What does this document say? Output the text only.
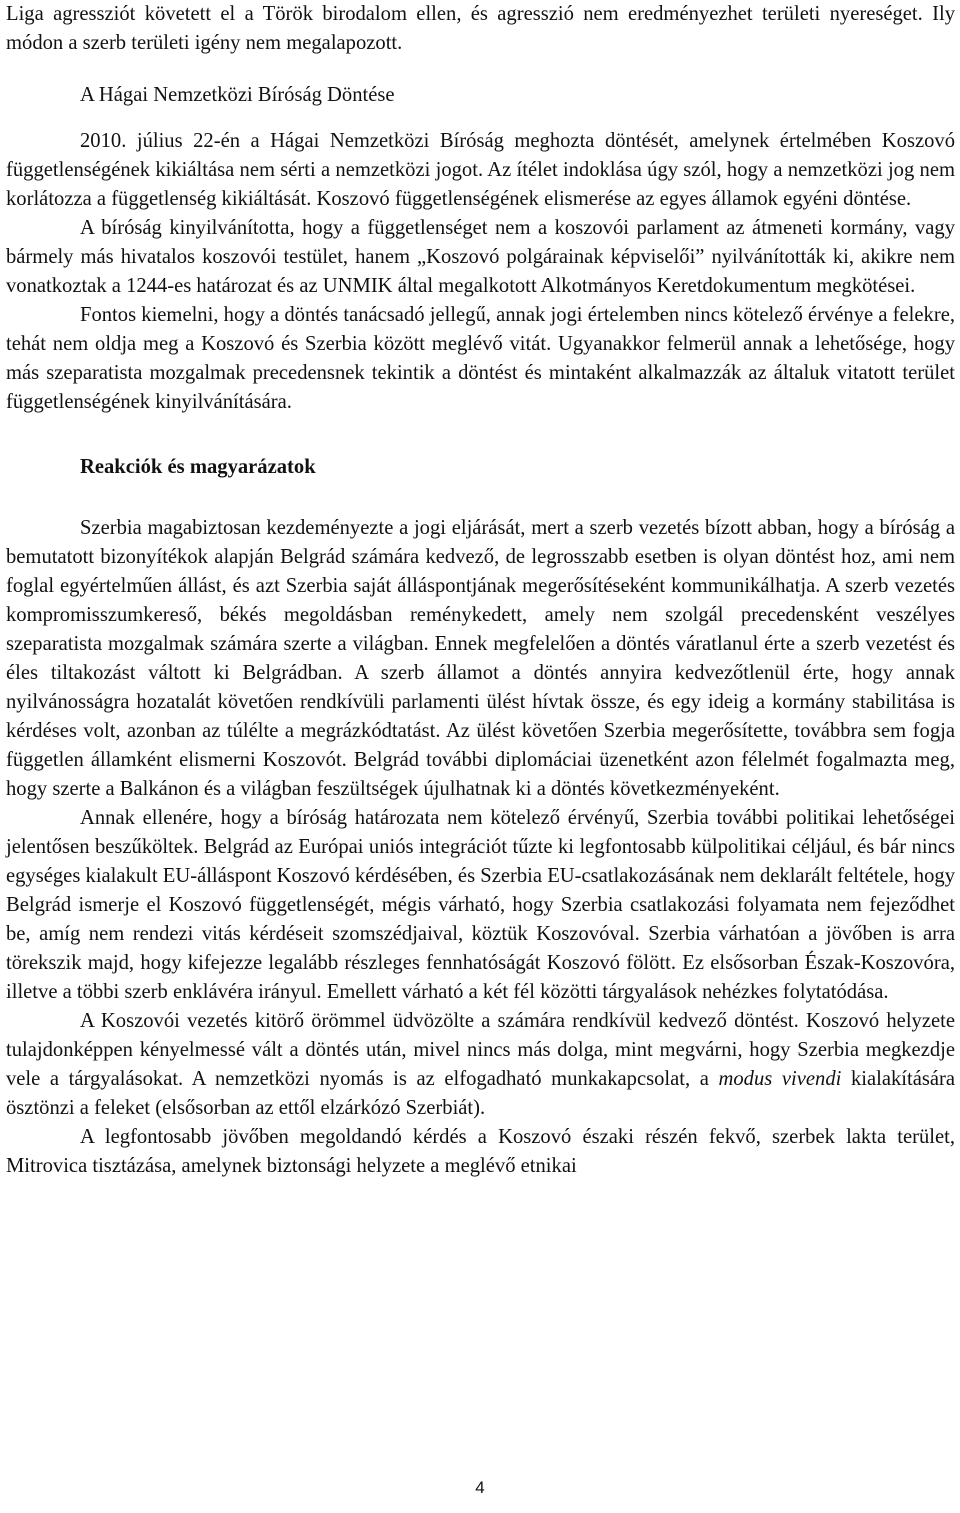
Liga agressziót követett el a Török birodalom ellen, és agresszió nem eredményezhet területi nyereséget. Ily módon a szerb területi igény nem megalapozott.

A Hágai Nemzetközi Bíróság Döntése

2010. július 22-én a Hágai Nemzetközi Bíróság meghozta döntését, amelynek értelmében Koszovó függetlenségének kikiáltása nem sérti a nemzetközi jogot. Az ítélet indoklása úgy szól, hogy a nemzetközi jog nem korlátozza a függetlenség kikiáltását. Koszovó függetlenségének elismerése az egyes államok egyéni döntése.

A bíróság kinyilvánította, hogy a függetlenséget nem a koszovói parlament az átmeneti kormány, vagy bármely más hivatalos koszovói testület, hanem „Koszovó polgárainak képviselői” nyilvánították ki, akikre nem vonatkoztak a 1244-es határozat és az UNMIK által megalkotott Alkotmányos Keretdokumentum megkötései.

Fontos kiemelni, hogy a döntés tanácsadó jellegű, annak jogi értelemben nincs kötelező érvénye a felekre, tehát nem oldja meg a Koszovó és Szerbia között meglévő vitát. Ugyanakkor felmerül annak a lehetősége, hogy más szeparatista mozgalmak precedensnek tekintik a döntést és mintaként alkalmazzák az általuk vitatott terület függetlenségének kinyilvánítására.

Reakciók és magyarázatok

Szerbia magabiztosan kezdeményezte a jogi eljárását, mert a szerb vezetés bízott abban, hogy a bíróság a bemutatott bizonyítékok alapján Belgrád számára kedvező, de legrosszabb esetben is olyan döntést hoz, ami nem foglal egyértelműen állást, és azt Szerbia saját álláspontjának megerősítéseként kommunikálhatja. A szerb vezetés kompromisszumkereső, békés megoldásban reménykedett, amely nem szolgál precedensként veszélyes szeparatista mozgalmak számára szerte a világban. Ennek megfelelően a döntés váratlanul érte a szerb vezetést és éles tiltakozást váltott ki Belgrádban. A szerb államot a döntés annyira kedvezőtlenül érte, hogy annak nyilvánosságra hozatalát követően rendkívüli parlamenti ülést hívtak össze, és egy ideig a kormány stabilitása is kérdéses volt, azonban az túlélte a megrázkódtatást. Az ülést követően Szerbia megerősítette, továbbra sem fogja független államként elismerni Koszovót. Belgrád további diplomáciai üzenetként azon félelmét fogalmazta meg, hogy szerte a Balkánon és a világban feszültségek újulhatnak ki a döntés következményeként.

Annak ellenére, hogy a bíróság határozata nem kötelező érvényű, Szerbia további politikai lehetőségei jelentősen beszűköltek. Belgrád az Európai uniós integrációt tűzte ki legfontosabb külpolitikai céljául, és bár nincs egységes kialakult EU-álláspont Koszovó kérdésében, és Szerbia EU-csatlakozásának nem deklarált feltétele, hogy Belgrád ismerje el Koszovó függetlenségét, mégis várható, hogy Szerbia csatlakozási folyamata nem fejeződhet be, amíg nem rendezi vitás kérdéseit szomszédjaival, köztük Koszovóval. Szerbia várhatóan a jövőben is arra törekszik majd, hogy kifejezze legalább részleges fennhatóságát Koszovó fölött. Ez elsősorban Észak-Koszovóra, illetve a többi szerb enklávéra irányul. Emellett várható a két fél közötti tárgyalások nehézkes folytatódása.

A Koszovói vezetés kitörő örömmel üdvözölte a számára rendkívül kedvező döntést. Koszovó helyzete tulajdonképpen kényelmessé vált a döntés után, mivel nincs más dolga, mint megvárni, hogy Szerbia megkezdje vele a tárgyalásokat. A nemzetközi nyomás is az elfogadható munkakapcsolat, a modus vivendi kialakítására ösztönzi a feleket (elsősorban az ettől elzárkózó Szerbiát).

A legfontosabb jövőben megoldandó kérdés a Koszovó északi részén fekvő, szerbek lakta terület, Mitrovica tisztázása, amelynek biztonsági helyzete a meglévő etnikai

4
